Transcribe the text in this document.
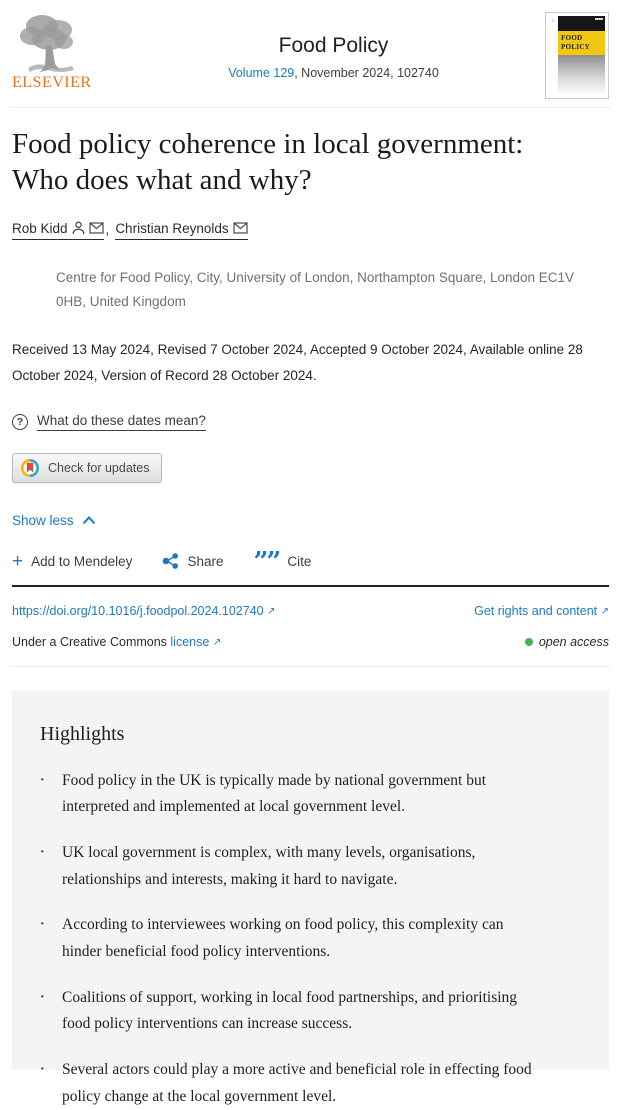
ELSEVIER
Food Policy
Volume 129, November 2024, 102740
≡
FOOD POLICY
Food policy coherence in local government: Who does what and why?
Rob Kidd	, Christian Reynolds

Centre for Food Policy, City, University of London, Northampton Square, London EC1V 0HB, United Kingdom

Received 13 May 2024, Revised 7 October 2024, Accepted 9 October 2024, Available online 28 October 2024, Version of Record 28 October 2024.

?	What do these dates mean?
Check for updates
Show less
+ Add to Mendeley	Share ”” Cite
https://doi.org/10.1016/j.foodpol.2024.102740 ↗	Get rights and content ↗
Under a Creative Commons license ↗	open access
Highlights
·	Food policy in the UK is typically made by national government but interpreted and implemented at local government level.
·	UK local government is complex, with many levels, organisations, relationships and interests, making it hard to navigate.
·	According to interviewees working on food policy, this complexity can hinder beneficial food policy interventions.
·	Coalitions of support, working in local food partnerships, and prioritising food policy interventions can increase success.
·	Several actors could play a more active and beneficial role in effecting food policy change at the local government level.
